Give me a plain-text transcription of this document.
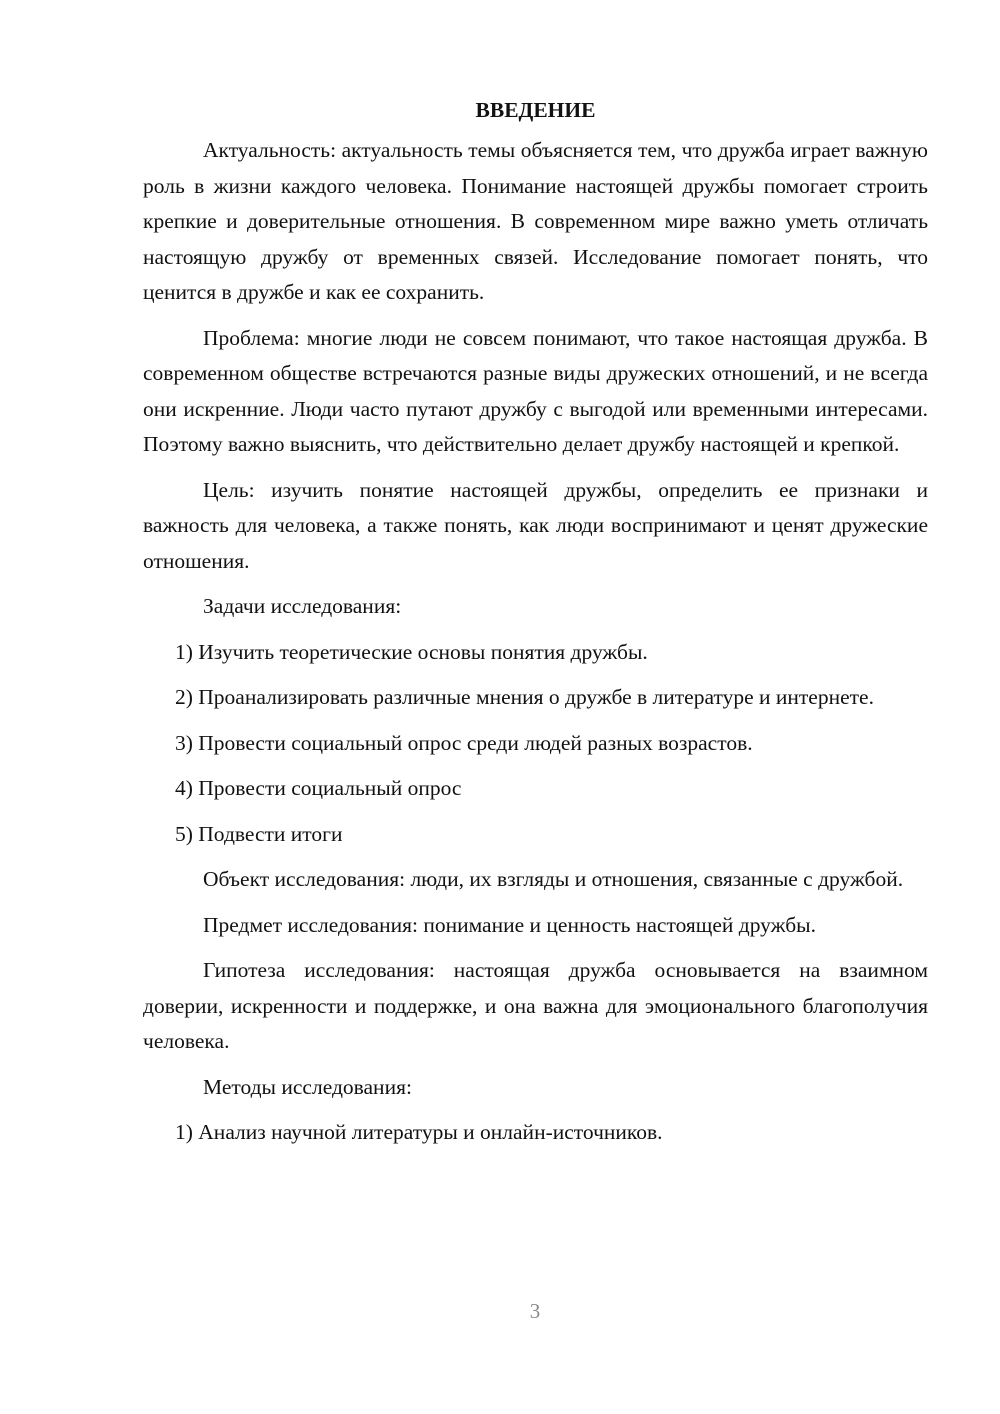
ВВЕДЕНИЕ

Актуальность: актуальность темы объясняется тем, что дружба играет важную роль в жизни каждого человека. Понимание настоящей дружбы помогает строить крепкие и доверительные отношения. В современном мире важно уметь отличать настоящую дружбу от временных связей. Исследование помогает понять, что ценится в дружбе и как ее сохранить.

Проблема: многие люди не совсем понимают, что такое настоящая дружба. В современном обществе встречаются разные виды дружеских отношений, и не всегда они искренние. Люди часто путают дружбу с выгодой или временными интересами. Поэтому важно выяснить, что действительно делает дружбу настоящей и крепкой.

Цель: изучить понятие настоящей дружбы, определить ее признаки и важность для человека, а также понять, как люди воспринимают и ценят дружеские отношения.

Задачи исследования:

1) Изучить теоретические основы понятия дружбы.

2) Проанализировать различные мнения о дружбе в литературе и интернете.

3) Провести социальный опрос среди людей разных возрастов.

4) Провести социальный опрос

5) Подвести итоги

Объект исследования: люди, их взгляды и отношения, связанные с дружбой.

Предмет исследования: понимание и ценность настоящей дружбы.

Гипотеза исследования: настоящая дружба основывается на взаимном доверии, искренности и поддержке, и она важна для эмоционального благополучия человека.

Методы исследования:

1) Анализ научной литературы и онлайн-источников.

3
